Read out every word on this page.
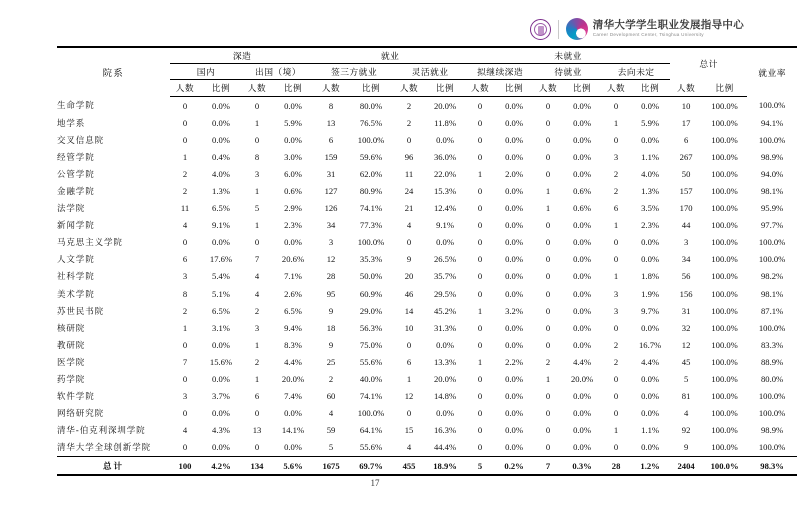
清华大学学生职业发展指导中心
Career Development Center, Tsinghua University
院系	深造				就业				未就业						总计		就业率
	国内		出国（境）		签三方就业		灵活就业		拟继续深造		待就业		去向未定				
	人数	比例	人数	比例	人数	比例	人数	比例	人数	比例	人数	比例	人数	比例	人数	比例	
生命学院	0	0.0%	0	0.0%	8	80.0%	2	20.0%	0	0.0%	0	0.0%	0	0.0%	10	100.0%	100.0%
地学系	0	0.0%	1	5.9%	13	76.5%	2	11.8%	0	0.0%	0	0.0%	1	5.9%	17	100.0%	94.1%
交叉信息院	0	0.0%	0	0.0%	6	100.0%	0	0.0%	0	0.0%	0	0.0%	0	0.0%	6	100.0%	100.0%
经管学院	1	0.4%	8	3.0%	159	59.6%	96	36.0%	0	0.0%	0	0.0%	3	1.1%	267	100.0%	98.9%
公管学院	2	4.0%	3	6.0%	31	62.0%	11	22.0%	1	2.0%	0	0.0%	2	4.0%	50	100.0%	94.0%
金融学院	2	1.3%	1	0.6%	127	80.9%	24	15.3%	0	0.0%	1	0.6%	2	1.3%	157	100.0%	98.1%
法学院	11	6.5%	5	2.9%	126	74.1%	21	12.4%	0	0.0%	1	0.6%	6	3.5%	170	100.0%	95.9%
新闻学院	4	9.1%	1	2.3%	34	77.3%	4	9.1%	0	0.0%	0	0.0%	1	2.3%	44	100.0%	97.7%
马克思主义学院	0	0.0%	0	0.0%	3	100.0%	0	0.0%	0	0.0%	0	0.0%	0	0.0%	3	100.0%	100.0%
人文学院	6	17.6%	7	20.6%	12	35.3%	9	26.5%	0	0.0%	0	0.0%	0	0.0%	34	100.0%	100.0%
社科学院	3	5.4%	4	7.1%	28	50.0%	20	35.7%	0	0.0%	0	0.0%	1	1.8%	56	100.0%	98.2%
美术学院	8	5.1%	4	2.6%	95	60.9%	46	29.5%	0	0.0%	0	0.0%	3	1.9%	156	100.0%	98.1%
苏世民书院	2	6.5%	2	6.5%	9	29.0%	14	45.2%	1	3.2%	0	0.0%	3	9.7%	31	100.0%	87.1%
核研院	1	3.1%	3	9.4%	18	56.3%	10	31.3%	0	0.0%	0	0.0%	0	0.0%	32	100.0%	100.0%
教研院	0	0.0%	1	8.3%	9	75.0%	0	0.0%	0	0.0%	0	0.0%	2	16.7%	12	100.0%	83.3%
医学院	7	15.6%	2	4.4%	25	55.6%	6	13.3%	1	2.2%	2	4.4%	2	4.4%	45	100.0%	88.9%
药学院	0	0.0%	1	20.0%	2	40.0%	1	20.0%	0	0.0%	1	20.0%	0	0.0%	5	100.0%	80.0%
软件学院	3	3.7%	6	7.4%	60	74.1%	12	14.8%	0	0.0%	0	0.0%	0	0.0%	81	100.0%	100.0%
网络研究院	0	0.0%	0	0.0%	4	100.0%	0	0.0%	0	0.0%	0	0.0%	0	0.0%	4	100.0%	100.0%
清华-伯克利深圳学院	4	4.3%	13	14.1%	59	64.1%	15	16.3%	0	0.0%	0	0.0%	1	1.1%	92	100.0%	98.9%
清华大学全球创新学院	0	0.0%	0	0.0%	5	55.6%	4	44.4%	0	0.0%	0	0.0%	0	0.0%	9	100.0%	100.0%
总计	100	4.2%	134	5.6%	1675	69.7%	455	18.9%	5	0.2%	7	0.3%	28	1.2%	2404	100.0%	98.3%
17
